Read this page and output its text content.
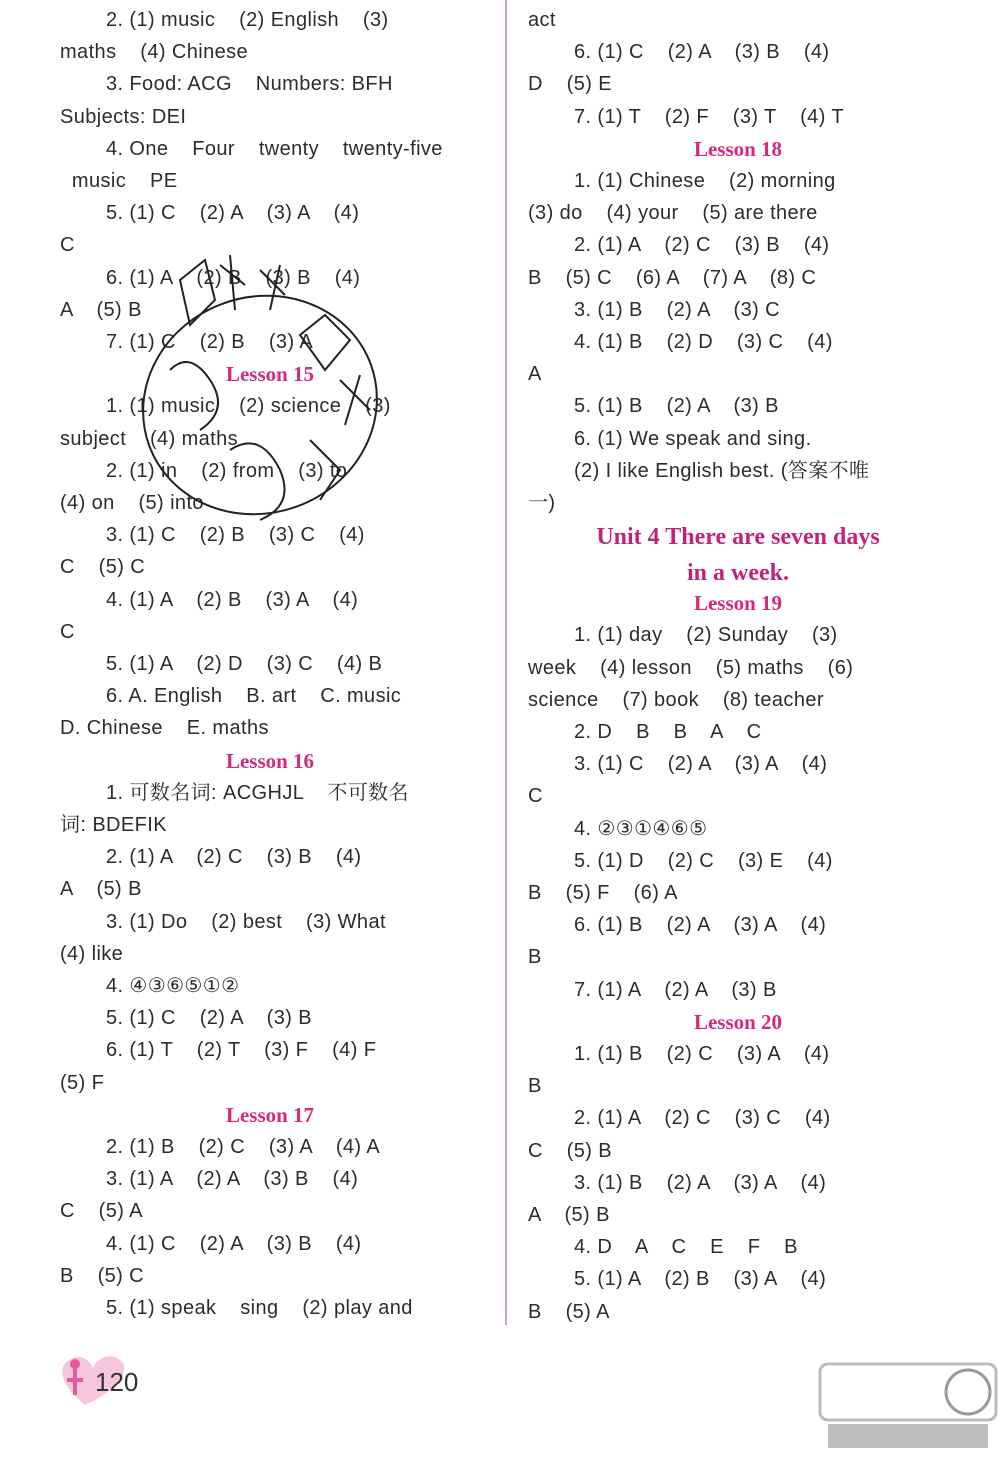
2. (1) music    (2) English    (3)
maths    (4) Chinese
3. Food: ACG    Numbers: BFH
Subjects: DEI
4. One    Four    twenty    twenty-five
music    PE
5. (1) C    (2) A    (3) A    (4)
C
6. (1) A    (2) B    (3) B    (4)
A    (5) B
7. (1) C    (2) B    (3) A
Lesson 15
1. (1) music    (2) science    (3)
subject    (4) maths
2. (1) in    (2) from    (3) to
(4) on    (5) into
3. (1) C    (2) B    (3) C    (4)
C    (5) C
4. (1) A    (2) B    (3) A    (4)
C
5. (1) A    (2) D    (3) C    (4) B
6. A. English    B. art    C. music
D. Chinese    E. maths
Lesson 16
1. 可数名词: ACGHJL    不可数名
词: BDEFIK
2. (1) A    (2) C    (3) B    (4)
A    (5) B
3. (1) Do    (2) best    (3) What
(4) like
4. ④③⑥⑤①②
5. (1) C    (2) A    (3) B
6. (1) T    (2) T    (3) F    (4) F
(5) F
Lesson 17
2. (1) B    (2) C    (3) A    (4) A
3. (1) A    (2) A    (3) B    (4)
C    (5) A
4. (1) C    (2) A    (3) B    (4)
B    (5) C
5. (1) speak    sing    (2) play and
act
6. (1) C    (2) A    (3) B    (4)
D    (5) E
7. (1) T    (2) F    (3) T    (4) T
Lesson 18
1. (1) Chinese    (2) morning
(3) do    (4) your    (5) are there
2. (1) A    (2) C    (3) B    (4)
B    (5) C    (6) A    (7) A    (8) C
3. (1) B    (2) A    (3) C
4. (1) B    (2) D    (3) C    (4)
A
5. (1) B    (2) A    (3) B
6. (1) We speak and sing.
(2) I like English best. (答案不唯
一)
Unit 4 There are seven days
in a week.
Lesson 19
1. (1) day    (2) Sunday    (3)
week    (4) lesson    (5) maths    (6)
science    (7) book    (8) teacher
2. D    B    B    A    C
3. (1) C    (2) A    (3) A    (4)
C
4. ②③①④⑥⑤
5. (1) D    (2) C    (3) E    (4)
B    (5) F    (6) A
6. (1) B    (2) A    (3) A    (4)
B
7. (1) A    (2) A    (3) B
Lesson 20
1. (1) B    (2) C    (3) A    (4)
B
2. (1) A    (2) C    (3) C    (4)
C    (5) B
3. (1) B    (2) A    (3) A    (4)
A    (5) B
4. D    A    C    E    F    B
5. (1) A    (2) B    (3) A    (4)
B    (5) A
120
